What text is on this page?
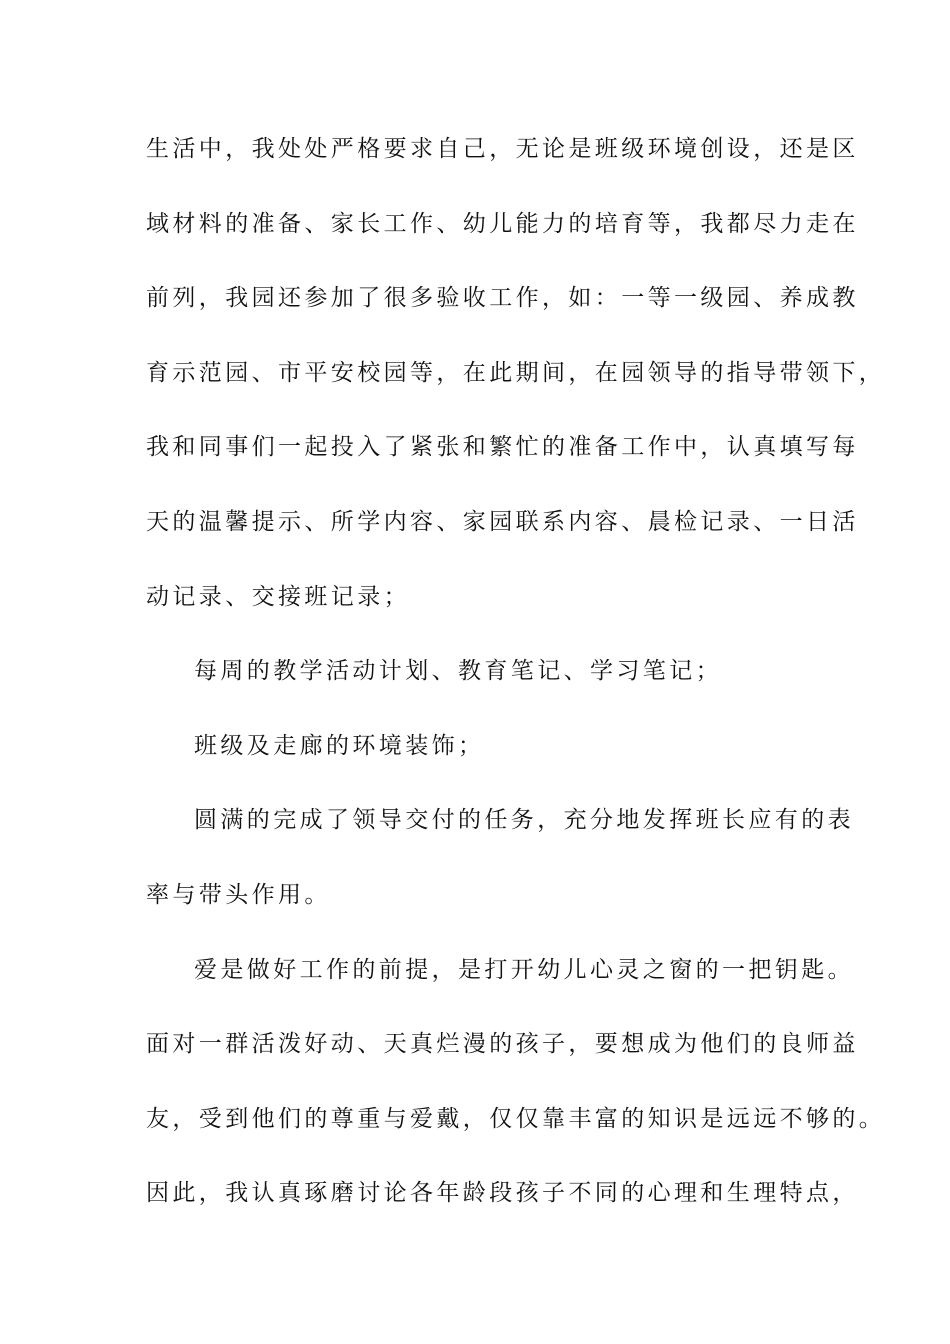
生活中，我处处严格要求自己，无论是班级环境创设，还是区
域材料的准备、家长工作、幼儿能力的培育等，我都尽力走在
前列，我园还参加了很多验收工作，如：一等一级园、养成教
育示范园、市平安校园等，在此期间，在园领导的指导带领下，
我和同事们一起投入了紧张和繁忙的准备工作中，认真填写每
天的温馨提示、所学内容、家园联系内容、晨检记录、一日活
动记录、交接班记录；
每周的教学活动计划、教育笔记、学习笔记；
班级及走廊的环境装饰；
圆满的完成了领导交付的任务，充分地发挥班长应有的表
率与带头作用。
爱是做好工作的前提，是打开幼儿心灵之窗的一把钥匙。
面对一群活泼好动、天真烂漫的孩子，要想成为他们的良师益
友，受到他们的尊重与爱戴，仅仅靠丰富的知识是远远不够的。
因此，我认真琢磨讨论各年龄段孩子不同的心理和生理特点，
